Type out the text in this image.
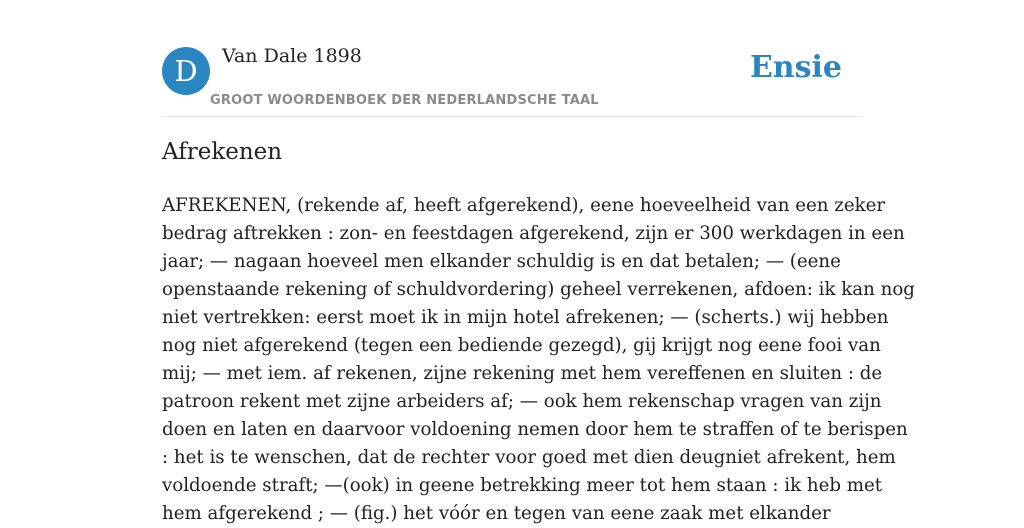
D	Van Dale 1898
GROOT WOORDENBOEK DER NEDERLANDSCHE TAAL
Ensie
Afrekenen
AFREKENEN, (rekende af, heeft afgerekend), eene hoeveelheid van een zeker
bedrag aftrekken : zon- en feestdagen afgerekend, zijn er 300 werkdagen in een
jaar; — nagaan hoeveel men elkander schuldig is en dat betalen; — (eene
openstaande rekening of schuldvordering) geheel verrekenen, afdoen: ik kan nog
niet vertrekken: eerst moet ik in mijn hotel afrekenen; — (scherts.) wij hebben
nog niet afgerekend (tegen een bediende gezegd), gij krijgt nog eene fooi van
mij; — met iem. af rekenen, zijne rekening met hem vereffenen en sluiten : de
patroon rekent met zijne arbeiders af; — ook hem rekenschap vragen van zijn
doen en laten en daarvoor voldoening nemen door hem te straffen of te berispen
: het is te wenschen, dat de rechter voor goed met dien deugniet afrekent, hem
voldoende straft; —(ook) in geene betrekking meer tot hem staan : ik heb met
hem afgerekend ; — (fig.) het vóór en tegen van eene zaak met elkander
